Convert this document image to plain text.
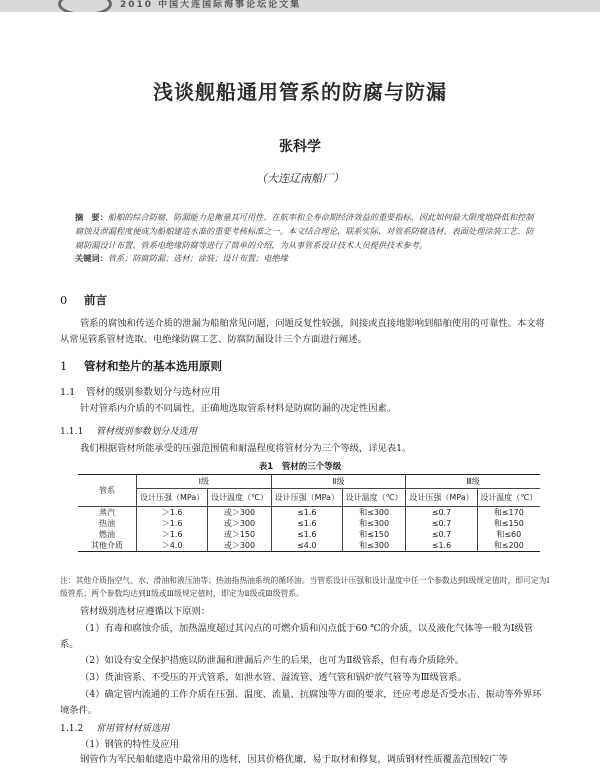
2010 中国大连国际海事论坛论文集
浅谈舰船通用管系的防腐与防漏
张科学
（大连辽南船厂）
摘　要：船舶的综合防腐、防漏能力是衡量其可用性、在航率和全寿命期经济效益的重要指标，因此如何最大限度地降低和控制腐蚀及泄漏程度便成为船舶建造水准的重要考核标准之一。本文结合理论，联系实际，对管系防腐选材、表面处理涂装工艺、防腐防漏设计布置、管系电绝缘防腐等进行了简单的介绍，为从事管系设计技术人员提供技术参考。
关键词：管系；防腐防漏；选材；涂装；设计布置；电绝缘
0 前言
管系的腐蚀和传送介质的泄漏为船舶常见问题，问题反复性较强，间接或直接地影响到船舶使用的可靠性。本文将从常见管系管材选取、电绝缘防腐工艺、防腐防漏设计三个方面进行阐述。
1 管材和垫片的基本选用原则
1.1 管材的级别参数划分与选材应用
针对管系内介质的不同属性，正确地选取管系材料是防腐防漏的决定性因素。
1.1.1 管材级别参数划分及选用
我们根据管材所能承受的压强范围值和耐温程度将管材分为三个等级，详见表1。
表1　管材的三个等级
管系	Ⅰ级		Ⅱ级		Ⅲ级	
	设计压强（MPa）	设计温度（℃）	设计压强（MPa）	设计温度（℃）	设计压强（MPa）	设计温度（℃）
蒸汽	＞1.6	或＞300	≤1.6	和≤300	≤0.7	和≤170
热油	＞1.6	或＞300	≤1.6	和≤300	≤0.7	和≤150
燃油	＞1.6	或＞150	≤1.6	和≤150	≤0.7	和≤60
其他介质	＞4.0	或＞300	≤4.0	和≤300	≤1.6	和≤200
注：其他介质指空气、水、滑油和液压油等；热油指热油系统的循环油。当管系设计压强和设计温度中任一个参数达到Ⅰ级规定值时，即可定为Ⅰ级管系；两个参数均达到Ⅱ级或Ⅲ级规定值时，即定为Ⅱ级或Ⅲ级管系。
管材级别选材应遵循以下原则：
（1）有毒和腐蚀介质，加热温度超过其闪点的可燃介质和闪点低于60 ℃的介质，以及液化气体等一般为Ⅰ级管系。
（2）如设有安全保护措施以防泄漏和泄漏后产生的后果，也可为Ⅱ级管系，但有毒介质除外。
（3）货油管系、不受压的开式管系，如泄水管、溢流管、透气管和锅炉放气管等为Ⅲ级管系。
（4）确定管内流通的工作介质在压强、温度、流量、抗腐蚀等方面的要求，还应考虑是否受水击、振动等外界环境条件。
1.1.2 常用管材材质选用
（1）钢管的特性及应用
钢管作为军民船舶建造中最常用的选材，因其价格优廉，易于取材和修复，调质钢材性质覆盖范围较广等
